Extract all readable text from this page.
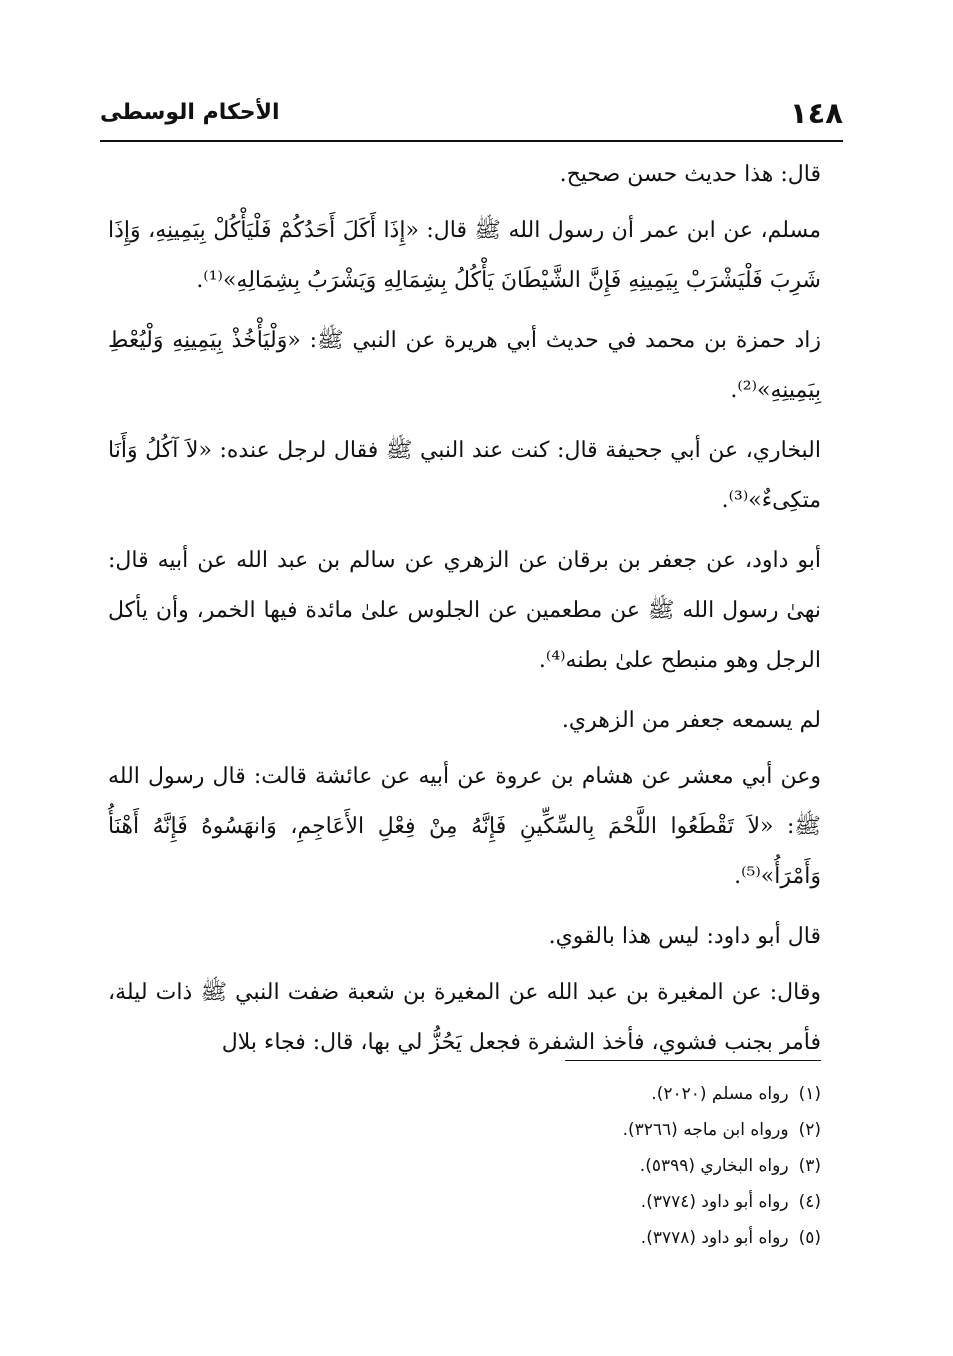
١٤٨
الأحكام الوسطى

قال: هذا حديث حسن صحيح.

مسلم، عن ابن عمر أن رسول الله ﷺ قال: «إِذَا أَكَلَ أَحَدُكُمْ فَلْيَأْكُلْ بِيَمِينِهِ، وَإِذَا شَرِبَ فَلْيَشْرَبْ بِيَمِينِهِ فَإِنَّ الشَّيْطَانَ يَأْكُلُ بِشِمَالِهِ وَيَشْرَبُ بِشِمَالِهِ»⁽¹⁾.

زاد حمزة بن محمد في حديث أبي هريرة عن النبي ﷺ: «وَلْيَأْخُذْ بِيَمِينِهِ وَلْيُعْطِ بِيَمِينِهِ»⁽²⁾.

البخاري، عن أبي جحيفة قال: كنت عند النبي ﷺ فقال لرجل عنده: «لاَ آكُلُ وَأَنَا متكِىءٌ»⁽³⁾.

أبو داود، عن جعفر بن برقان عن الزهري عن سالم بن عبد الله عن أبيه قال: نهىٰ رسول الله ﷺ عن مطعمين عن الجلوس علىٰ مائدة فيها الخمر، وأن يأكل الرجل وهو منبطح علىٰ بطنه⁽⁴⁾.

لم يسمعه جعفر من الزهري.

وعن أبي معشر عن هشام بن عروة عن أبيه عن عائشة قالت: قال رسول الله ﷺ: «لاَ تَقْطَعُوا اللَّحْمَ بِالسِّكِّينِ فَإِنَّهُ مِنْ فِعْلِ الأَعَاجِمِ، وَانهَسُوهُ فَإِنَّهُ أَهْنَأُ وَأَمْرَأُ»⁽⁵⁾.

قال أبو داود: ليس هذا بالقوي.

وقال: عن المغيرة بن عبد الله عن المغيرة بن شعبة ضفت النبي ﷺ ذات ليلة، فأمر بجنب فشوي، فأخذ الشفرة فجعل يَحُزُّ لي بها، قال: فجاء بلال

(١)رواه مسلم (٢٠٢٠).
(٢)ورواه ابن ماجه (٣٢٦٦).
(٣)رواه البخاري (٥٣٩٩).
(٤)رواه أبو داود (٣٧٧٤).
(٥)رواه أبو داود (٣٧٧٨).
